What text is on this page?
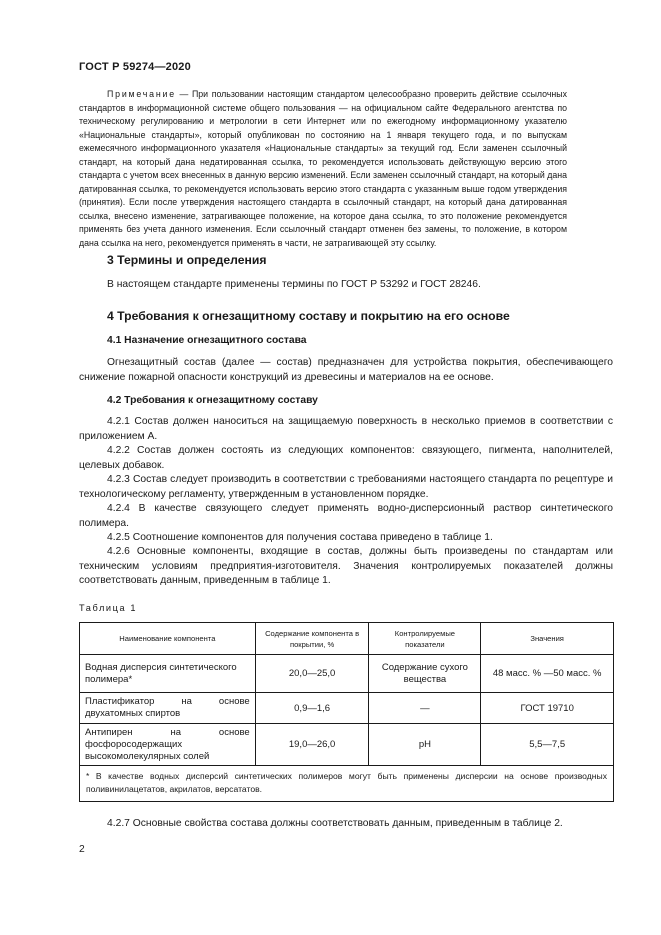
ГОСТ Р 59274—2020
Примечание — При пользовании настоящим стандартом целесообразно проверить действие ссылочных стандартов в информационной системе общего пользования — на официальном сайте Федерального агентства по техническому регулированию и метрологии в сети Интернет или по ежегодному информационному указателю «Национальные стандарты», который опубликован по состоянию на 1 января текущего года, и по выпускам ежемесячного информационного указателя «Национальные стандарты» за текущий год. Если заменен ссылочный стандарт, на который дана недатированная ссылка, то рекомендуется использовать действующую версию этого стандарта с учетом всех внесенных в данную версию изменений. Если заменен ссылочный стандарт, на который дана датированная ссылка, то рекомендуется использовать версию этого стандарта с указанным выше годом утверждения (принятия). Если после утверждения настоящего стандарта в ссылочный стандарт, на который дана датированная ссылка, внесено изменение, затрагивающее положение, на которое дана ссылка, то это положение рекомендуется применять без учета данного изменения. Если ссылочный стандарт отменен без замены, то положение, в котором дана ссылка на него, рекомендуется применять в части, не затрагивающей эту ссылку.
3 Термины и определения
В настоящем стандарте применены термины по ГОСТ Р 53292 и ГОСТ 28246.
4 Требования к огнезащитному составу и покрытию на его основе
4.1 Назначение огнезащитного состава
Огнезащитный состав (далее — состав) предназначен для устройства покрытия, обеспечивающего снижение пожарной опасности конструкций из древесины и материалов на ее основе.
4.2 Требования к огнезащитному составу
4.2.1 Состав должен наноситься на защищаемую поверхность в несколько приемов в соответствии с приложением А.
4.2.2 Состав должен состоять из следующих компонентов: связующего, пигмента, наполнителей, целевых добавок.
4.2.3 Состав следует производить в соответствии с требованиями настоящего стандарта по рецептуре и технологическому регламенту, утвержденным в установленном порядке.
4.2.4 В качестве связующего следует применять водно-дисперсионный раствор синтетического полимера.
4.2.5 Соотношение компонентов для получения состава приведено в таблице 1.
4.2.6 Основные компоненты, входящие в состав, должны быть произведены по стандартам или техническим условиям предприятия-изготовителя. Значения контролируемых показателей должны соответствовать данным, приведенным в таблице 1.
Таблица 1
Наименование компонента	Содержание компонента в покрытии, %	Контролируемые показатели	Значения
Водная дисперсия синтетического полимера*	20,0—25,0	Содержание сухого вещества	48 масс. % —50 масс. %
Пластификатор на основе двухатомных спиртов	0,9—1,6	—	ГОСТ 19710
Антипирен на основе фосфоросодержащих высокомолекулярных солей	19,0—26,0	pH	5,5—7,5
* В качестве водных дисперсий синтетических полимеров могут быть применены дисперсии на основе производных поливинилацетатов, акрилатов, версататов.			
4.2.7 Основные свойства состава должны соответствовать данным, приведенным в таблице 2.
2
